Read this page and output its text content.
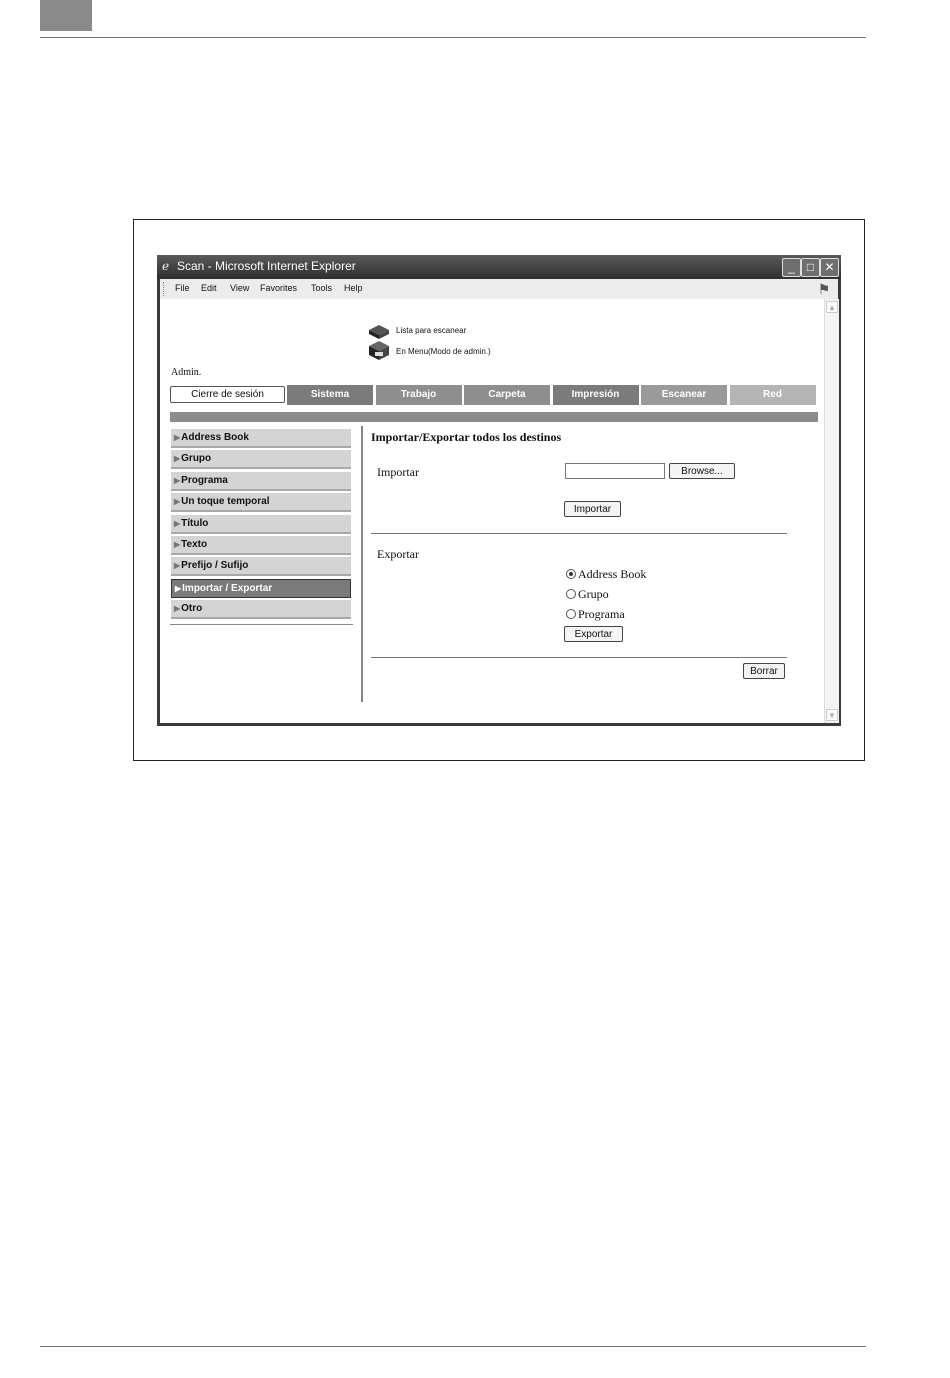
ℯ Scan - Microsoft Internet Explorer	_	□ ✕
File Edit View Favorites Tools Help	⚑
Lista para escanear
En Menu(Modo de admin.)
Admin.
Cierre de sesión	Sistema	Trabajo	Carpeta	Impresión	Escanear	Red
▶Address Book
▶Grupo
▶Programa
▶Un toque temporal
▶Título
▶Texto
▶Prefijo / Sufijo
▶Importar / Exportar
▶Otro
Importar/Exportar todos los destinos
Importar	Browse...
Importar
Exportar
Address Book
Grupo
Programa
Exportar
Borrar
▲
▼
